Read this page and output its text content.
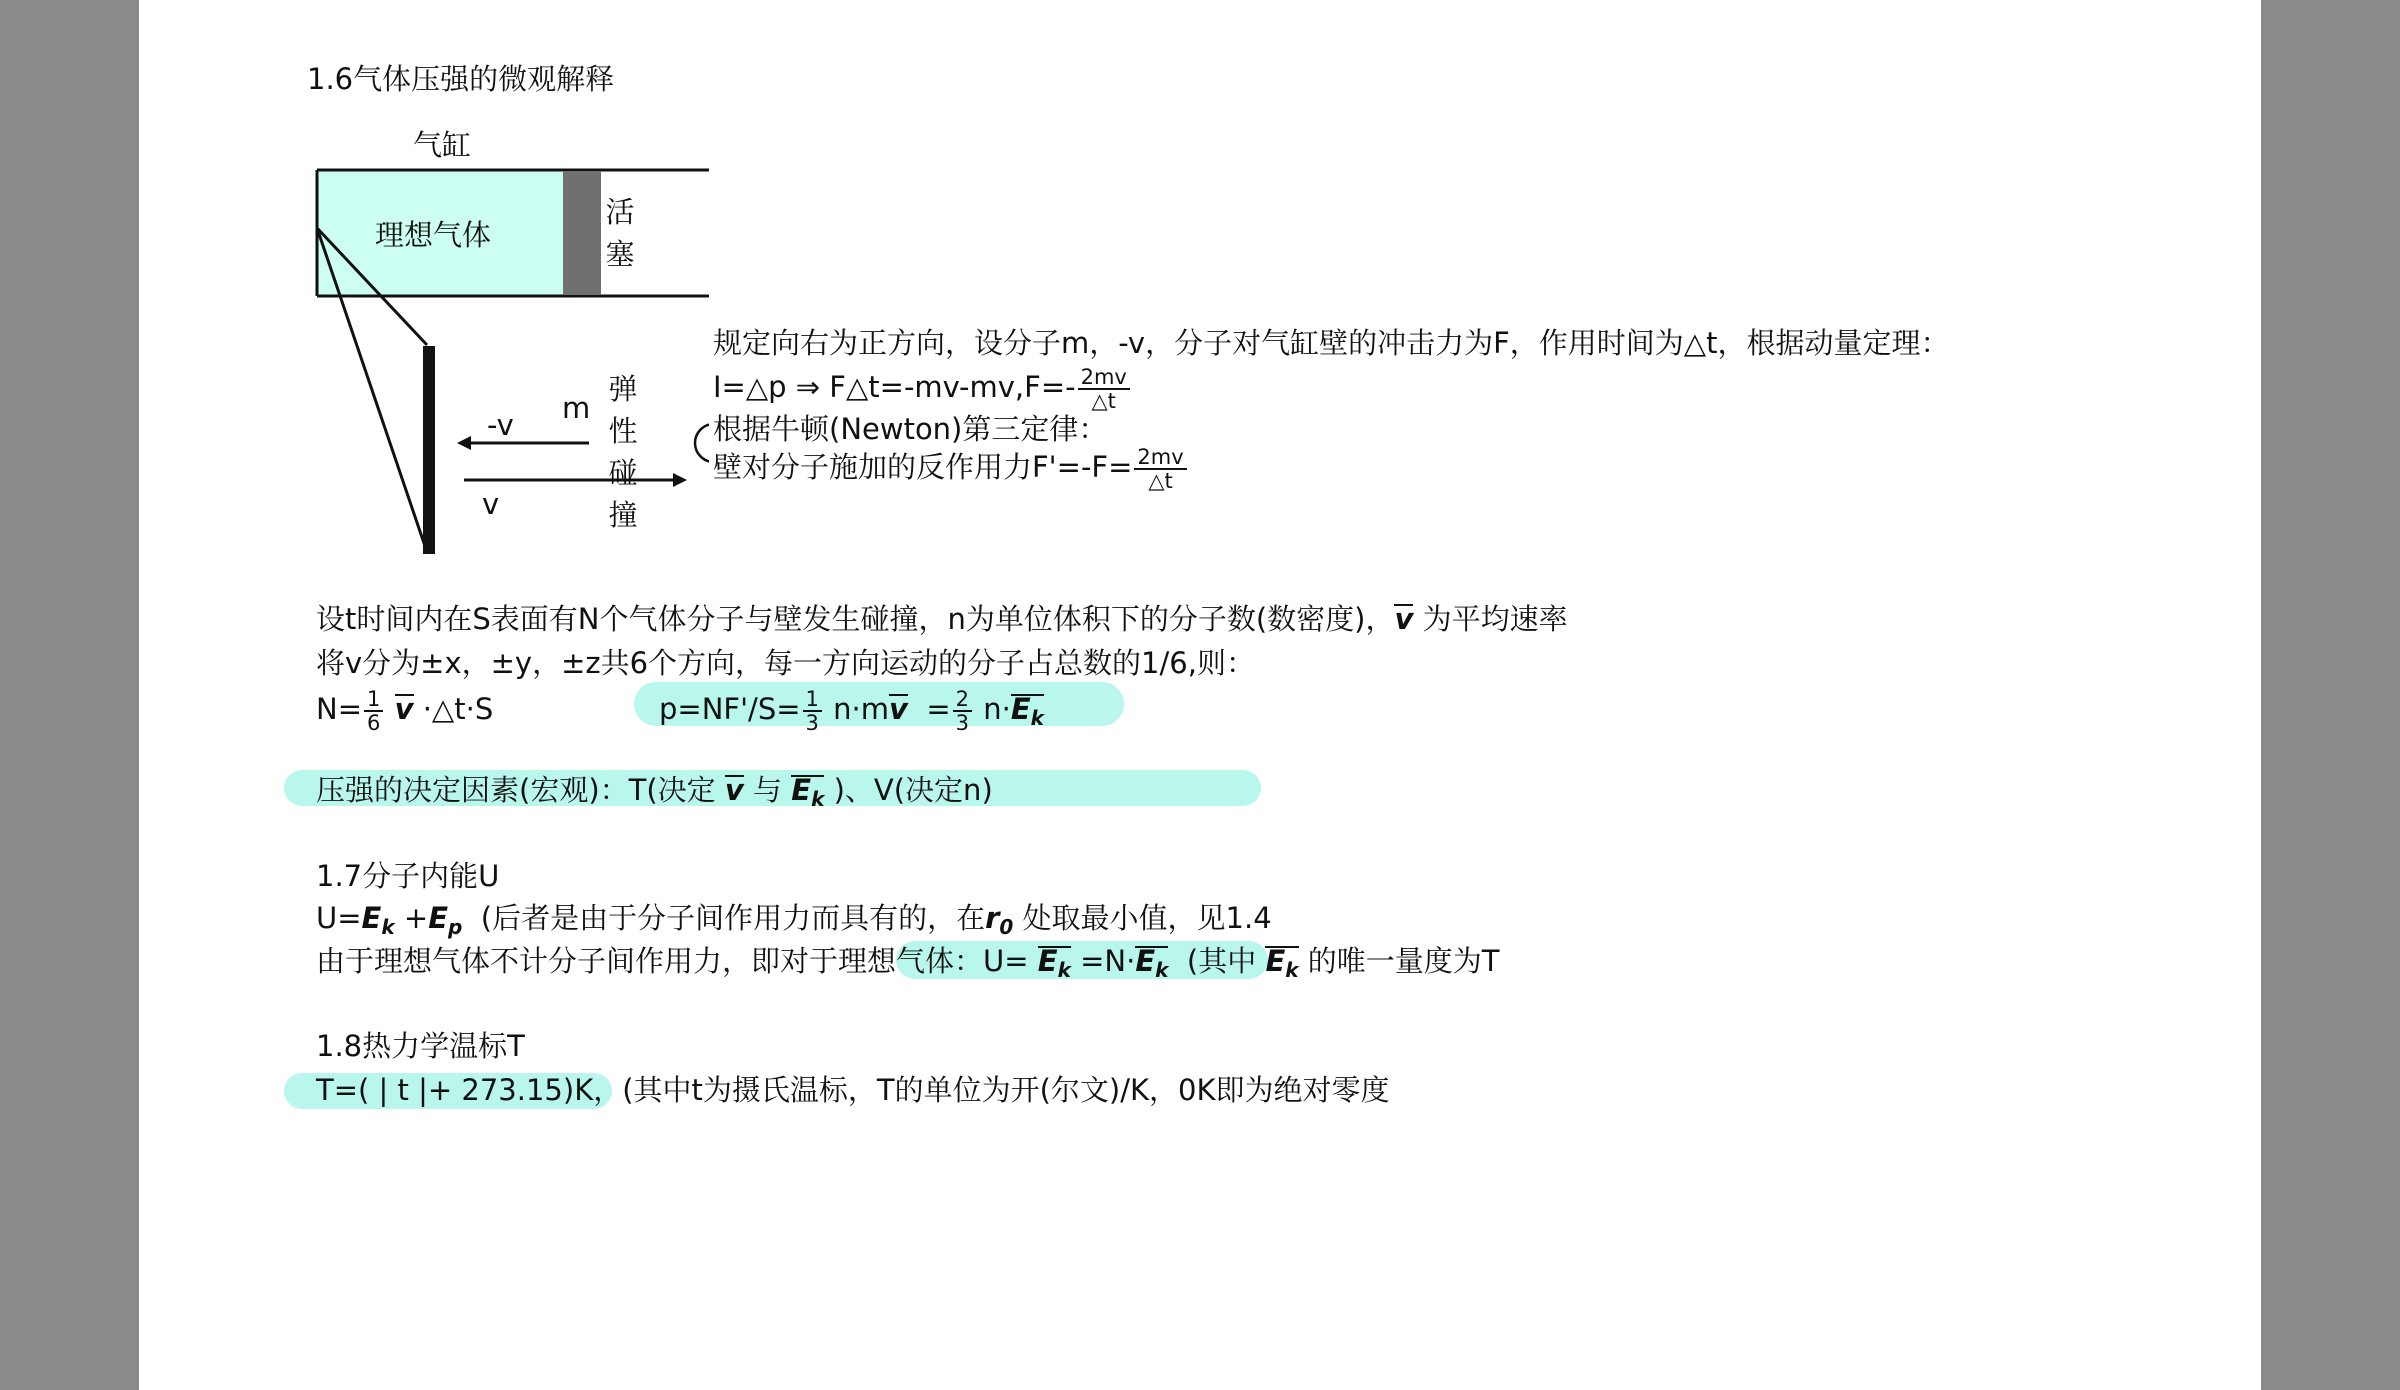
1.6气体压强的微观解释
气缸
理想气体
活塞
m
-v
v
弹性碰撞
规定向右为正方向，设分子m，-v，分子对气缸壁的冲击力为F，作用时间为△t，根据动量定理：
I=△p ⇒ F△t=-mv-mv,F=- $\frac{2mv}{\triangle t}$
根据牛顿(Newton)第三定律：
壁对分子施加的反作用力$F'=-F= \frac{2mv}{\triangle t}$
设t时间内在S表面有N个气体分子与壁发生碰撞，n为单位体积下的分子数(数密度)，v 为平均速率
将v分为±x，±y，±z共6个方向，每一方向运动的分子占总数的1/6,则：
$N= \frac{1}{6}$ v ·△t·S	$p=NF'/S= \frac{1}{3} n\cdot mv = \frac{2}{3} n\cdot E_k$
压强的决定因素(宏观)：T(决定 v 与 $E_k$ )、V(决定n)
1.7分子内能U
$U=E_k +E_p$ (后者是由于分子间作用力而具有的，在$r_0$ 处取最小值，见1.4
由于理想气体不计分子间作用力，即对于理想气体：$U= E_k =N\cdot E_k$ (其中 $E_k$ 的唯一量度为T
1.8热力学温标T
T=( | t |+ 273.15)K，(其中t为摄氏温标，T的单位为开(尔文)/K，0K即为绝对零度
